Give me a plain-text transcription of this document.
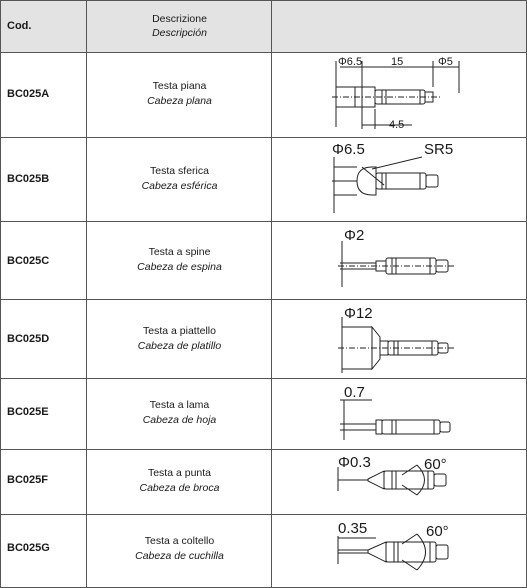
Cod.
Descrizione
Descripción
BC025A
Testa piana
Cabeza plana
Φ6.5	15	Φ5
4.5
BC025B
Testa sferica
Cabeza esférica
Φ6.5	SR5
BC025C
Testa a spine
Cabeza de espina
Φ2
BC025D
Testa a piattello
Cabeza de platillo
Φ12
BC025E
Testa a lama
Cabeza de hoja
0.7
BC025F
Testa a punta
Cabeza de broca
Φ0.3	60°
BC025G
Testa a coltello
Cabeza de cuchilla
0.35	60°
